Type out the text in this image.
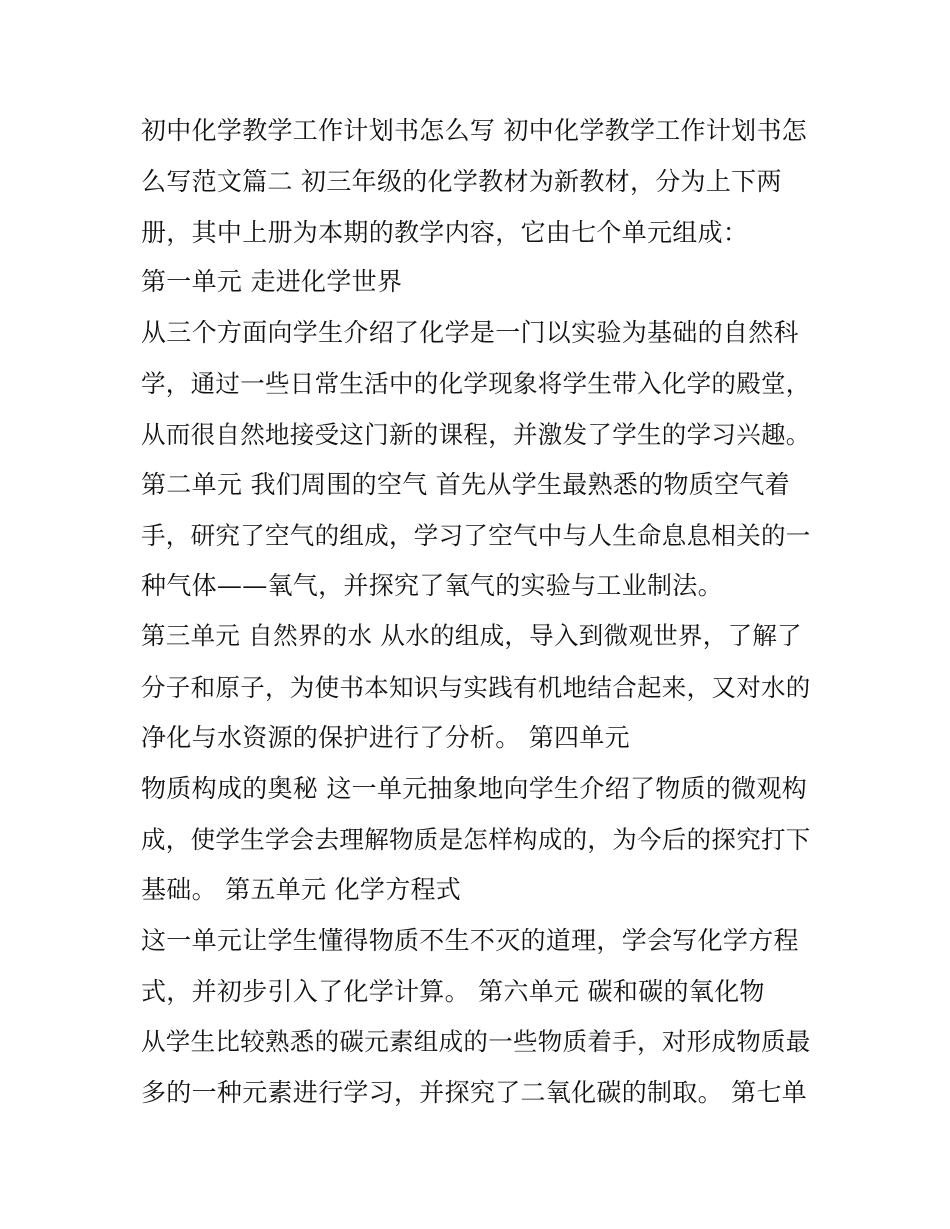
初中化学教学工作计划书怎么写 初中化学教学工作计划书怎
么写范文篇二 初三年级的化学教材为新教材，分为上下两
册，其中上册为本期的教学内容，它由七个单元组成：
第一单元 走进化学世界
从三个方面向学生介绍了化学是一门以实验为基础的自然科
学，通过一些日常生活中的化学现象将学生带入化学的殿堂，
从而很自然地接受这门新的课程，并激发了学生的学习兴趣。
第二单元 我们周围的空气 首先从学生最熟悉的物质空气着
手，研究了空气的组成，学习了空气中与人生命息息相关的一
种气体——氧气，并探究了氧气的实验与工业制法。
第三单元 自然界的水 从水的组成，导入到微观世界，了解了
分子和原子，为使书本知识与实践有机地结合起来，又对水的
净化与水资源的保护进行了分析。 第四单元
物质构成的奥秘 这一单元抽象地向学生介绍了物质的微观构
成，使学生学会去理解物质是怎样构成的，为今后的探究打下
基础。 第五单元 化学方程式
这一单元让学生懂得物质不生不灭的道理，学会写化学方程
式，并初步引入了化学计算。 第六单元 碳和碳的氧化物
从学生比较熟悉的碳元素组成的一些物质着手，对形成物质最
多的一种元素进行学习，并探究了二氧化碳的制取。 第七单
